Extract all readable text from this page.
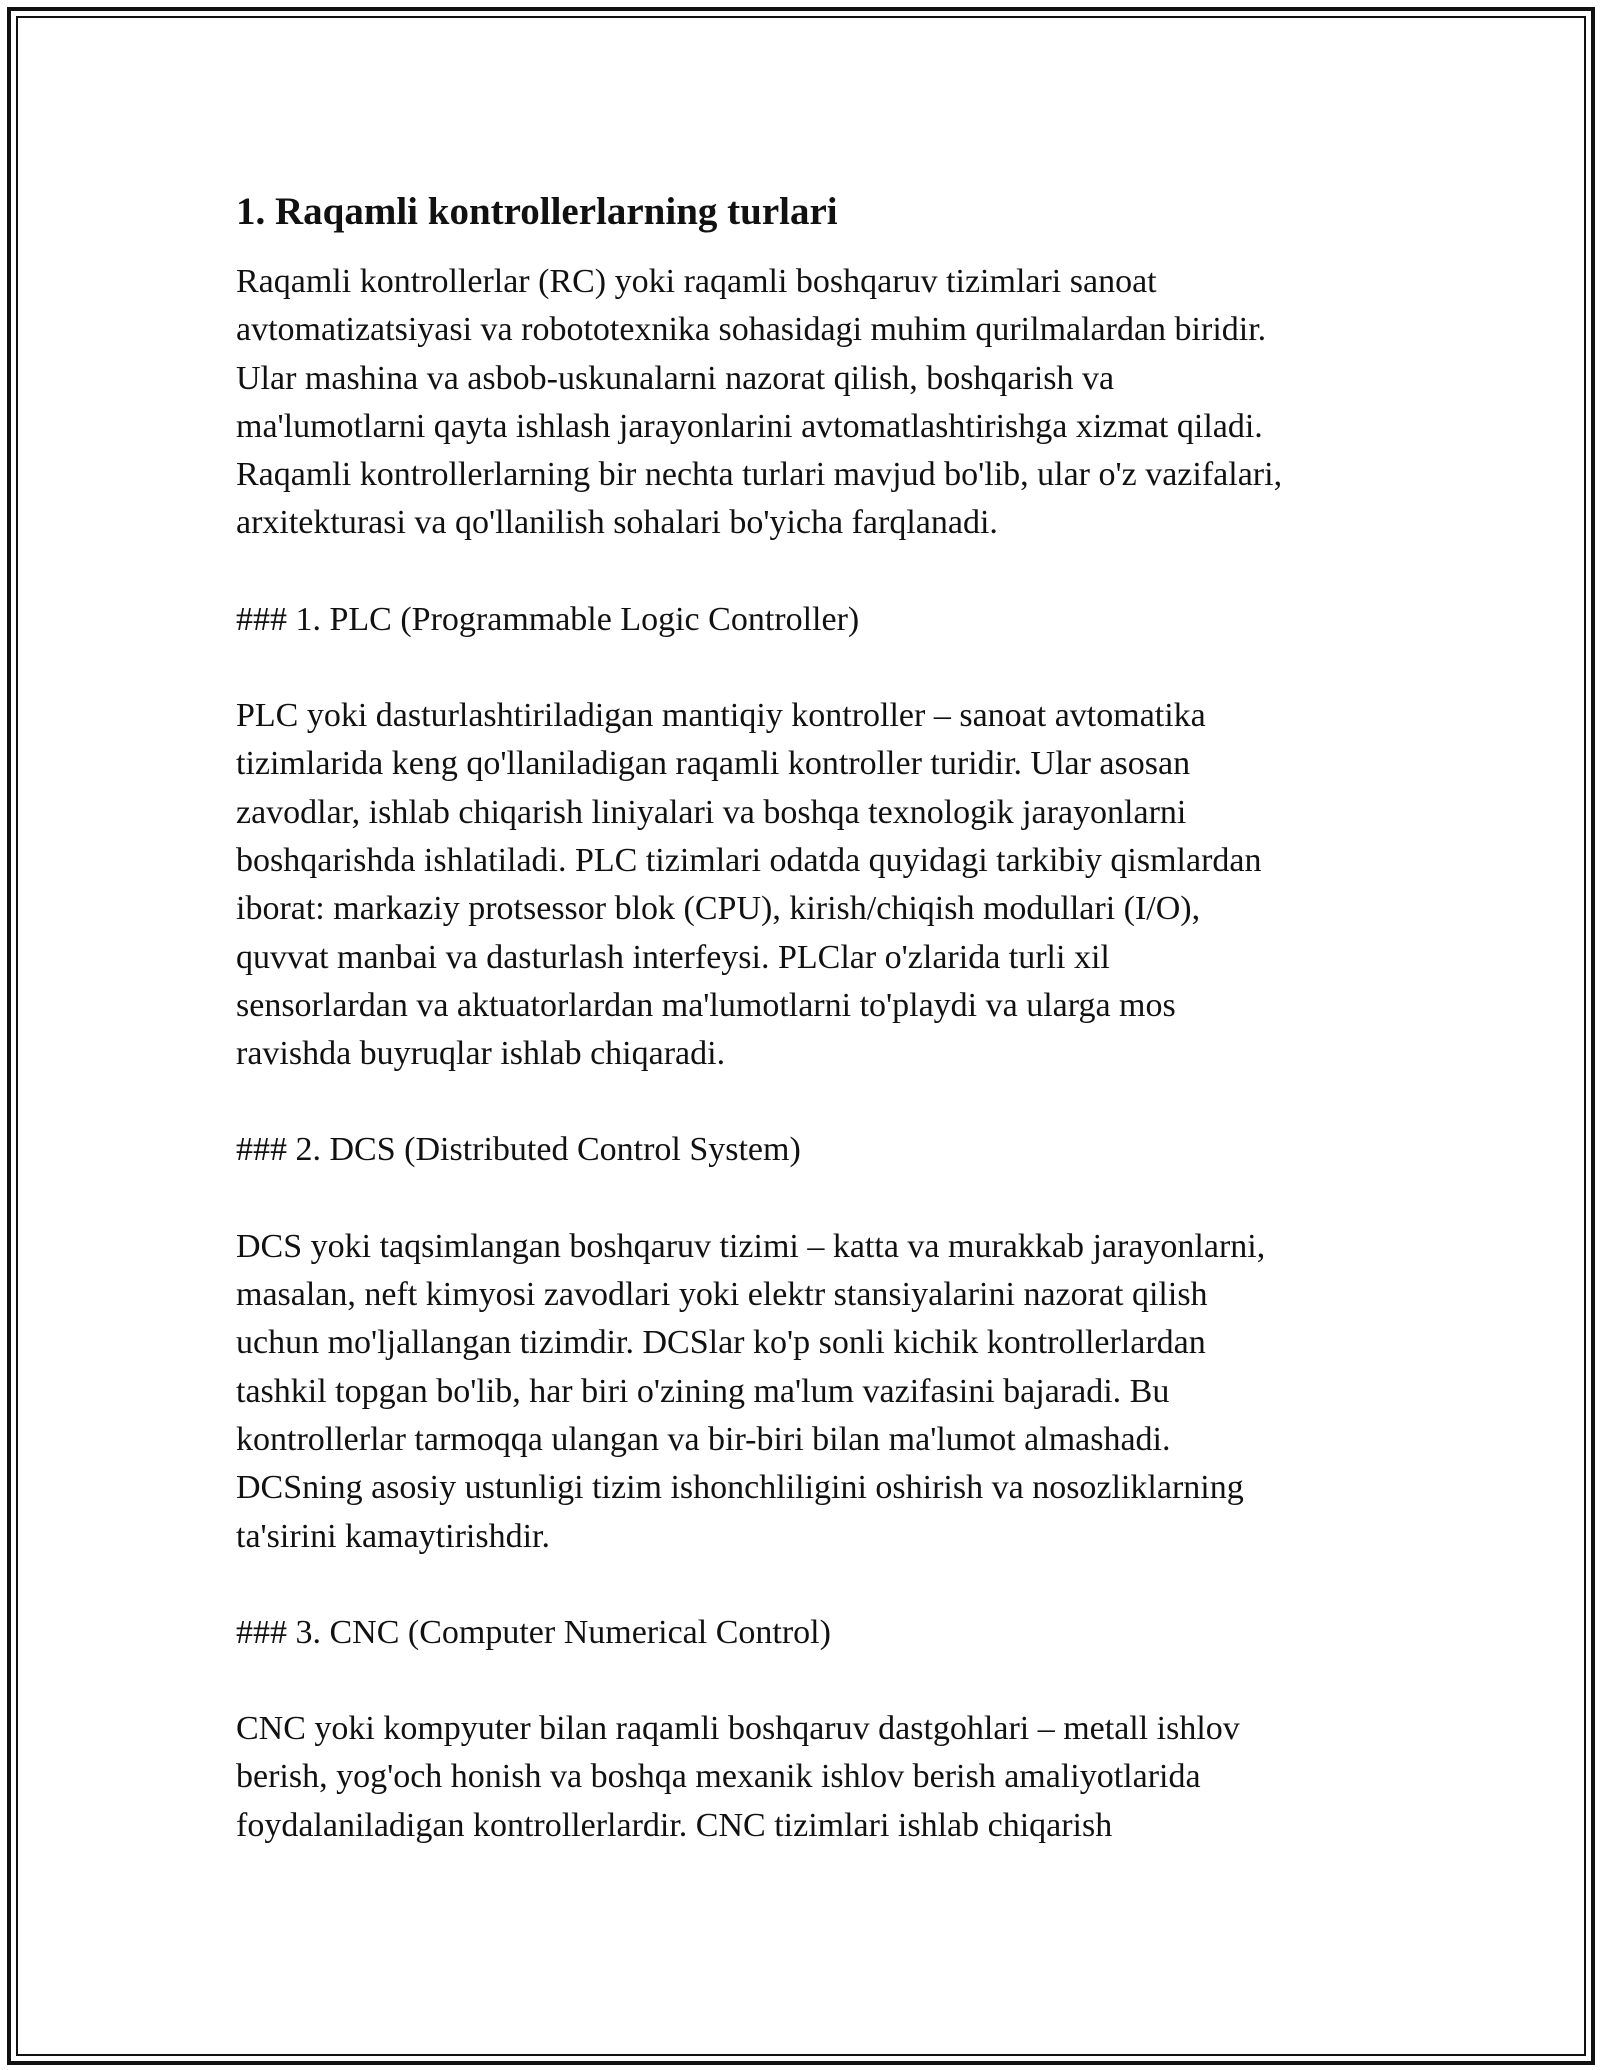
1. Raqamli kontrollerlarning turlari

Raqamli kontrollerlar (RC) yoki raqamli boshqaruv tizimlari sanoat
avtomatizatsiyasi va robototexnika sohasidagi muhim qurilmalardan biridir.
Ular mashina va asbob-uskunalarni nazorat qilish, boshqarish va
ma'lumotlarni qayta ishlash jarayonlarini avtomatlashtirishga xizmat qiladi.
Raqamli kontrollerlarning bir nechta turlari mavjud bo'lib, ular o'z vazifalari,
arxitekturasi va qo'llanilish sohalari bo'yicha farqlanadi.

### 1. PLC (Programmable Logic Controller)

PLC yoki dasturlashtiriladigan mantiqiy kontroller – sanoat avtomatika
tizimlarida keng qo'llaniladigan raqamli kontroller turidir. Ular asosan
zavodlar, ishlab chiqarish liniyalari va boshqa texnologik jarayonlarni
boshqarishda ishlatiladi. PLC tizimlari odatda quyidagi tarkibiy qismlardan
iborat: markaziy protsessor blok (CPU), kirish/chiqish modullari (I/O),
quvvat manbai va dasturlash interfeysi. PLClar o'zlarida turli xil
sensorlardan va aktuatorlardan ma'lumotlarni to'playdi va ularga mos
ravishda buyruqlar ishlab chiqaradi.

### 2. DCS (Distributed Control System)

DCS yoki taqsimlangan boshqaruv tizimi – katta va murakkab jarayonlarni,
masalan, neft kimyosi zavodlari yoki elektr stansiyalarini nazorat qilish
uchun mo'ljallangan tizimdir. DCSlar ko'p sonli kichik kontrollerlardan
tashkil topgan bo'lib, har biri o'zining ma'lum vazifasini bajaradi. Bu
kontrollerlar tarmoqqa ulangan va bir-biri bilan ma'lumot almashadi.
DCSning asosiy ustunligi tizim ishonchliligini oshirish va nosozliklarning
ta'sirini kamaytirishdir.

### 3. CNC (Computer Numerical Control)

CNC yoki kompyuter bilan raqamli boshqaruv dastgohlari – metall ishlov
berish, yog'och honish va boshqa mexanik ishlov berish amaliyotlarida
foydalaniladigan kontrollerlardir. CNC tizimlari ishlab chiqarish
